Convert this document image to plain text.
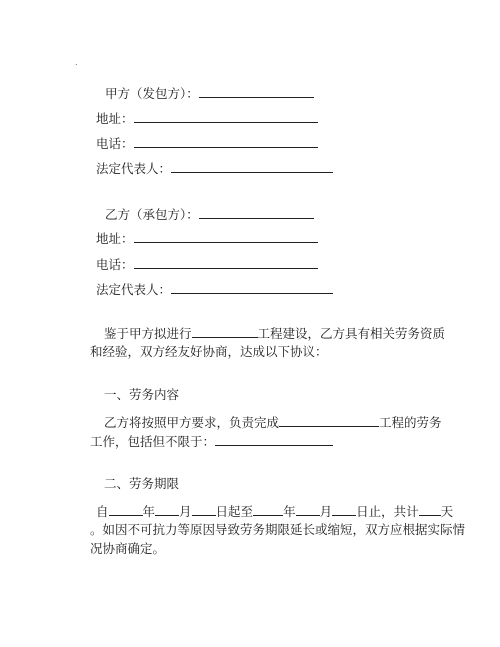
.
甲方（发包方）：
地址：
电话：
法定代表人：
乙方（承包方）：
地址：
电话：
法定代表人：
鉴于甲方拟进行	工程建设，乙方具有相关劳务资质
和经验，双方经友好协商，达成以下协议：
一、劳务内容
乙方将按照甲方要求，负责完成	工程的劳务
工作，包括但不限于：
二、劳务期限
自	年 月 日起至 年 月 日止，共计 天
。如因不可抗力等原因导致劳务期限延长或缩短，双方应根据实际情
况协商确定。
